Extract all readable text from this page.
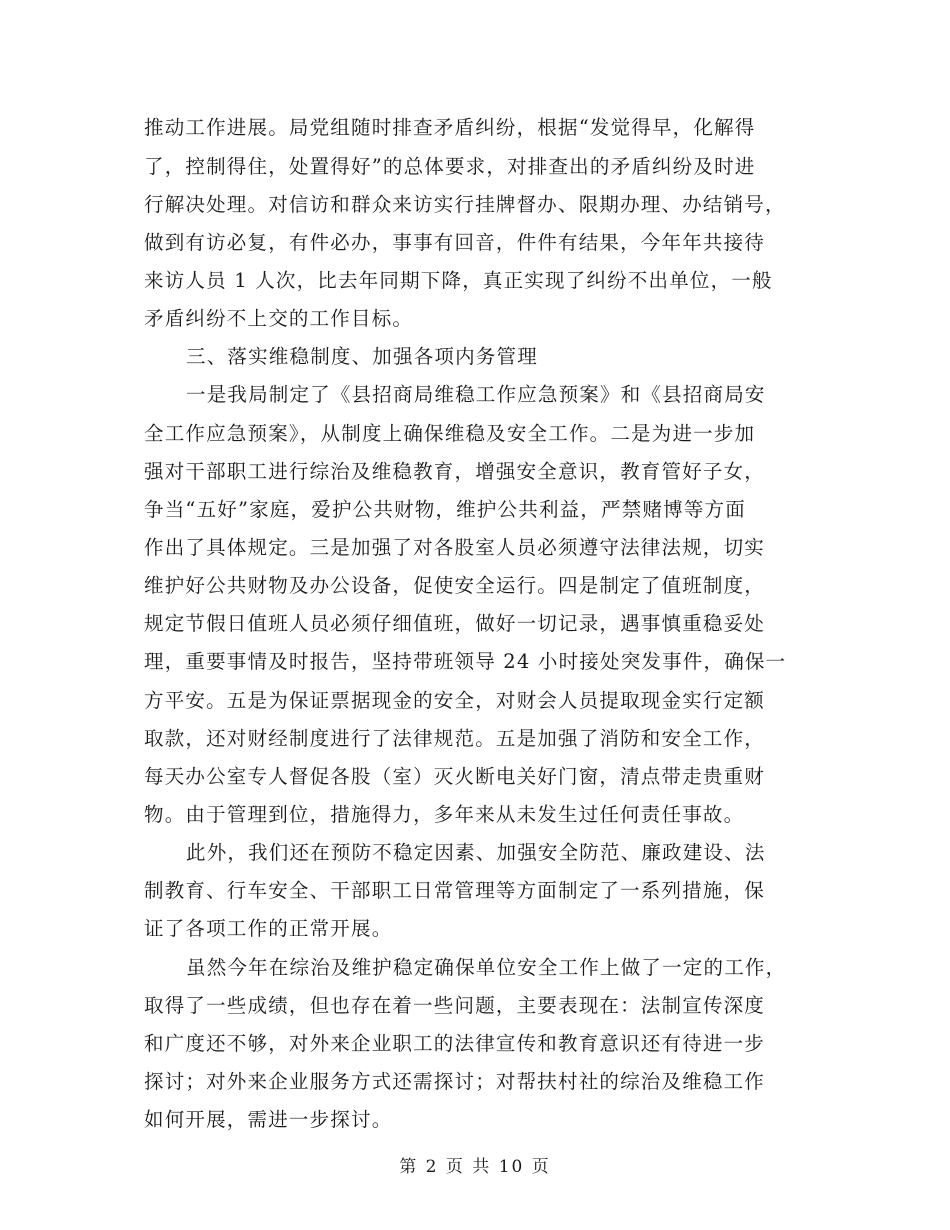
推动工作进展。局党组随时排查矛盾纠纷，根据“发觉得早，化解得
了，控制得住，处置得好”的总体要求，对排查出的矛盾纠纷及时进
行解决处理。对信访和群众来访实行挂牌督办、限期办理、办结销号，
做到有访必复，有件必办，事事有回音，件件有结果，今年年共接待
来访人员 1 人次，比去年同期下降，真正实现了纠纷不出单位，一般
矛盾纠纷不上交的工作目标。
三、落实维稳制度、加强各项内务管理
一是我局制定了《县招商局维稳工作应急预案》和《县招商局安
全工作应急预案》，从制度上确保维稳及安全工作。二是为进一步加
强对干部职工进行综治及维稳教育，增强安全意识，教育管好子女，
争当“五好”家庭，爱护公共财物，维护公共利益，严禁赌博等方面
作出了具体规定。三是加强了对各股室人员必须遵守法律法规，切实
维护好公共财物及办公设备，促使安全运行。四是制定了值班制度，
规定节假日值班人员必须仔细值班，做好一切记录，遇事慎重稳妥处
理，重要事情及时报告，坚持带班领导 24 小时接处突发事件，确保一
方平安。五是为保证票据现金的安全，对财会人员提取现金实行定额
取款，还对财经制度进行了法律规范。五是加强了消防和安全工作，
每天办公室专人督促各股（室）灭火断电关好门窗，清点带走贵重财
物。由于管理到位，措施得力，多年来从未发生过任何责任事故。
此外，我们还在预防不稳定因素、加强安全防范、廉政建设、法
制教育、行车安全、干部职工日常管理等方面制定了一系列措施，保
证了各项工作的正常开展。
虽然今年在综治及维护稳定确保单位安全工作上做了一定的工作，
取得了一些成绩，但也存在着一些问题，主要表现在：法制宣传深度
和广度还不够，对外来企业职工的法律宣传和教育意识还有待进一步
探讨；对外来企业服务方式还需探讨；对帮扶村社的综治及维稳工作
如何开展，需进一步探讨。
第 2 页 共 10 页
